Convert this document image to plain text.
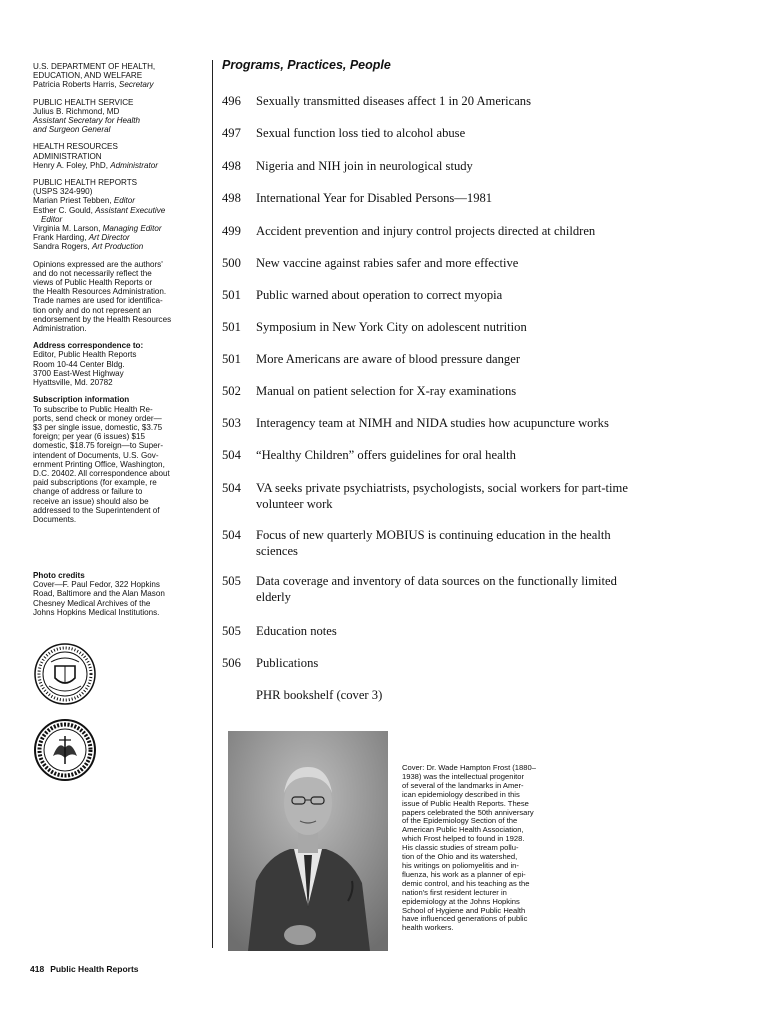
U.S. DEPARTMENT OF HEALTH,
EDUCATION, AND WELFARE
Patricia Roberts Harris, Secretary
PUBLIC HEALTH SERVICE
Julius B. Richmond, MD
Assistant Secretary for Health
and Surgeon General
HEALTH RESOURCES
ADMINISTRATION
Henry A. Foley, PhD, Administrator
PUBLIC HEALTH REPORTS
(USPS 324-990)
Marian Priest Tebben, Editor
Esther C. Gould, Assistant Executive
Editor
Virginia M. Larson, Managing Editor
Frank Harding, Art Director
Sandra Rogers, Art Production
Opinions expressed are the authors'
and do not necessarily reflect the
views of Public Health Reports or
the Health Resources Administration.
Trade names are used for identifica-
tion only and do not represent an
endorsement by the Health Resources
Administration.
Address correspondence to:
Editor, Public Health Reports
Room 10-44 Center Bldg.
3700 East-West Highway
Hyattsville, Md. 20782
Subscription information
To subscribe to Public Health Re-
ports, send check or money order—
$3 per single issue, domestic, $3.75
foreign; per year (6 issues) $15
domestic, $18.75 foreign—to Super-
intendent of Documents, U.S. Gov-
ernment Printing Office, Washington,
D.C. 20402. All correspondence about
paid subscriptions (for example, re
change of address or failure to
receive an issue) should also be
addressed to the Superintendent of
Documents.
Photo credits
Cover—F. Paul Fedor, 322 Hopkins
Road, Baltimore and the Alan Mason
Chesney Medical Archives of the
Johns Hopkins Medical Institutions.
418 Public Health Reports
Programs, Practices, People
496	Sexually transmitted diseases affect 1 in 20 Americans
497	Sexual function loss tied to alcohol abuse
498	Nigeria and NIH join in neurological study
498	International Year for Disabled Persons—1981
499	Accident prevention and injury control projects directed at children
500	New vaccine against rabies safer and more effective
501	Public warned about operation to correct myopia
501	Symposium in New York City on adolescent nutrition
501	More Americans are aware of blood pressure danger
502	Manual on patient selection for X-ray examinations
503	Interagency team at NIMH and NIDA studies how acupuncture works
504	“Healthy Children” offers guidelines for oral health
504	VA seeks private psychiatrists, psychologists, social workers for part-time
volunteer work
504	Focus of new quarterly MOBIUS is continuing education in the health
sciences
505	Data coverage and inventory of data sources on the functionally limited
elderly
505	Education notes
506	Publications
PHR bookshelf (cover 3)
Cover: Dr. Wade Hampton Frost (1880–
1938) was the intellectual progenitor
of several of the landmarks in Amer-
ican epidemiology described in this
issue of Public Health Reports. These
papers celebrated the 50th anniversary
of the Epidemiology Section of the
American Public Health Association,
which Frost helped to found in 1928.
His classic studies of stream pollu-
tion of the Ohio and its watershed,
his writings on poliomyelitis and in-
fluenza, his work as a planner of epi-
demic control, and his teaching as the
nation's first resident lecturer in
epidemiology at the Johns Hopkins
School of Hygiene and Public Health
have influenced generations of public
health workers.
